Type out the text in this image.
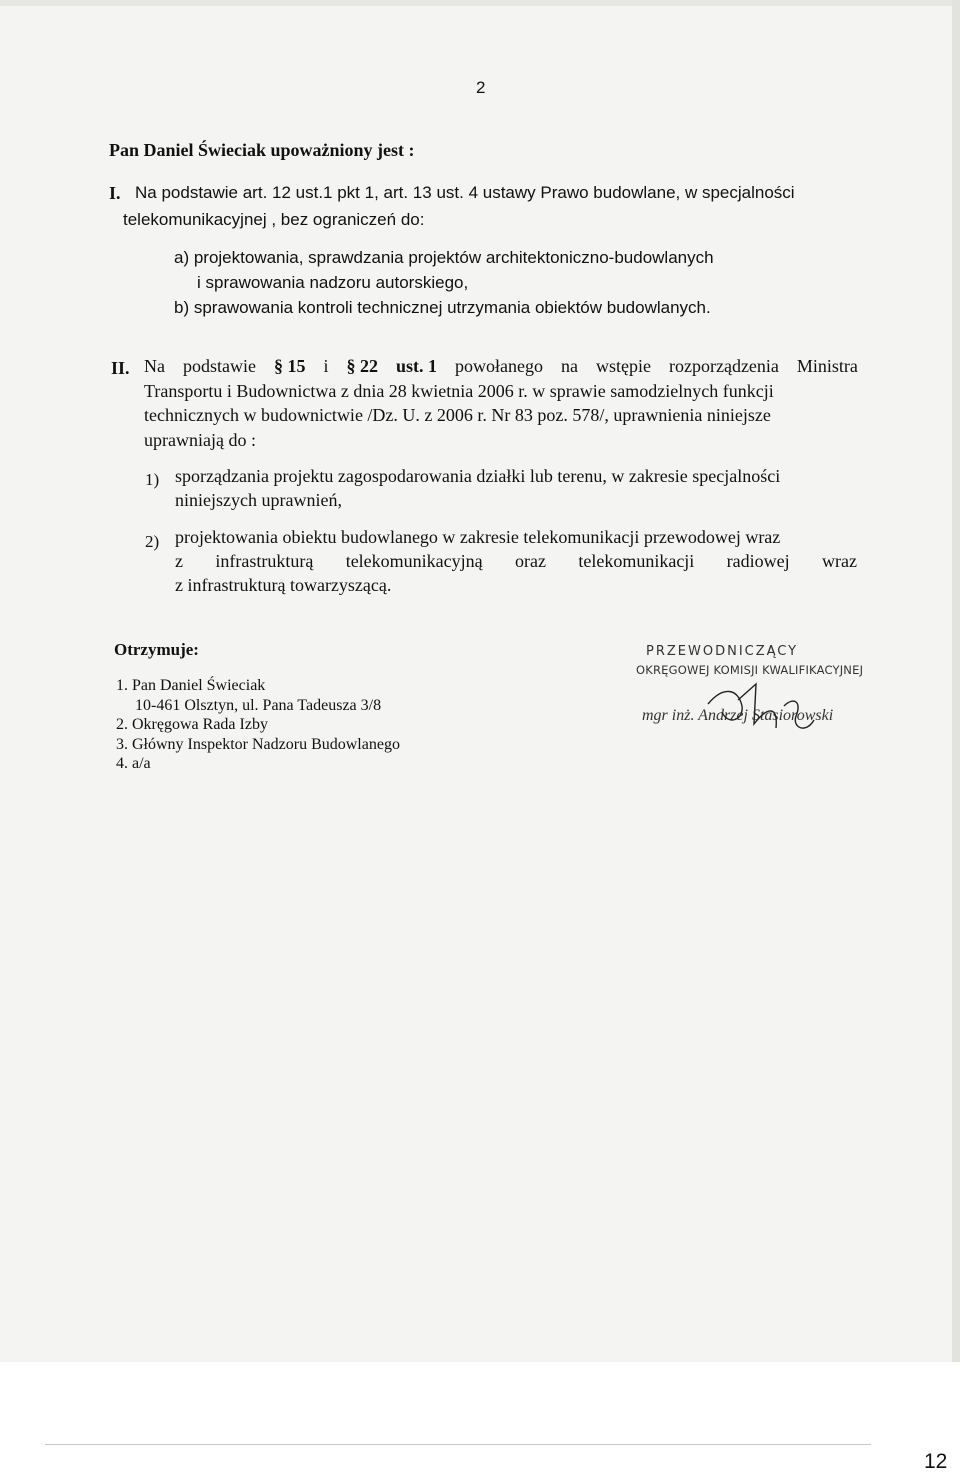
2
Pan Daniel Świeciak upoważniony jest :
I. Na podstawie art. 12 ust.1 pkt 1, art. 13 ust. 4 ustawy Prawo budowlane, w specjalności
telekomunikacyjnej , bez ograniczeń do:
a) projektowania, sprawdzania projektów architektoniczno-budowlanych
i sprawowania nadzoru autorskiego,
b) sprawowania kontroli technicznej utrzymania obiektów budowlanych.
II. Na podstawie § 15 i § 22 ust. 1 powołanego na wstępie rozporządzenia Ministra
Transportu i Budownictwa z dnia 28 kwietnia 2006 r. w sprawie samodzielnych funkcji
technicznych w budownictwie /Dz. U. z 2006 r. Nr 83 poz. 578/, uprawnienia niniejsze
uprawniają do :
1) sporządzania projektu zagospodarowania działki lub terenu, w zakresie specjalności
niniejszych uprawnień,
2) projektowania obiektu budowlanego w zakresie telekomunikacji przewodowej wraz
z infrastrukturą telekomunikacyjną oraz telekomunikacji radiowej wraz
z infrastrukturą towarzyszącą.
Otrzymuje:
1. Pan Daniel Świeciak
10-461 Olsztyn, ul. Pana Tadeusza 3/8
2. Okręgowa Rada Izby
3. Główny Inspektor Nadzoru Budowlanego
4. a/a
PRZEWODNICZĄCY
OKRĘGOWEJ KOMISJI KWALIFIKACYJNEJ
mgr inż. Andrzej Stasiorowski
12
